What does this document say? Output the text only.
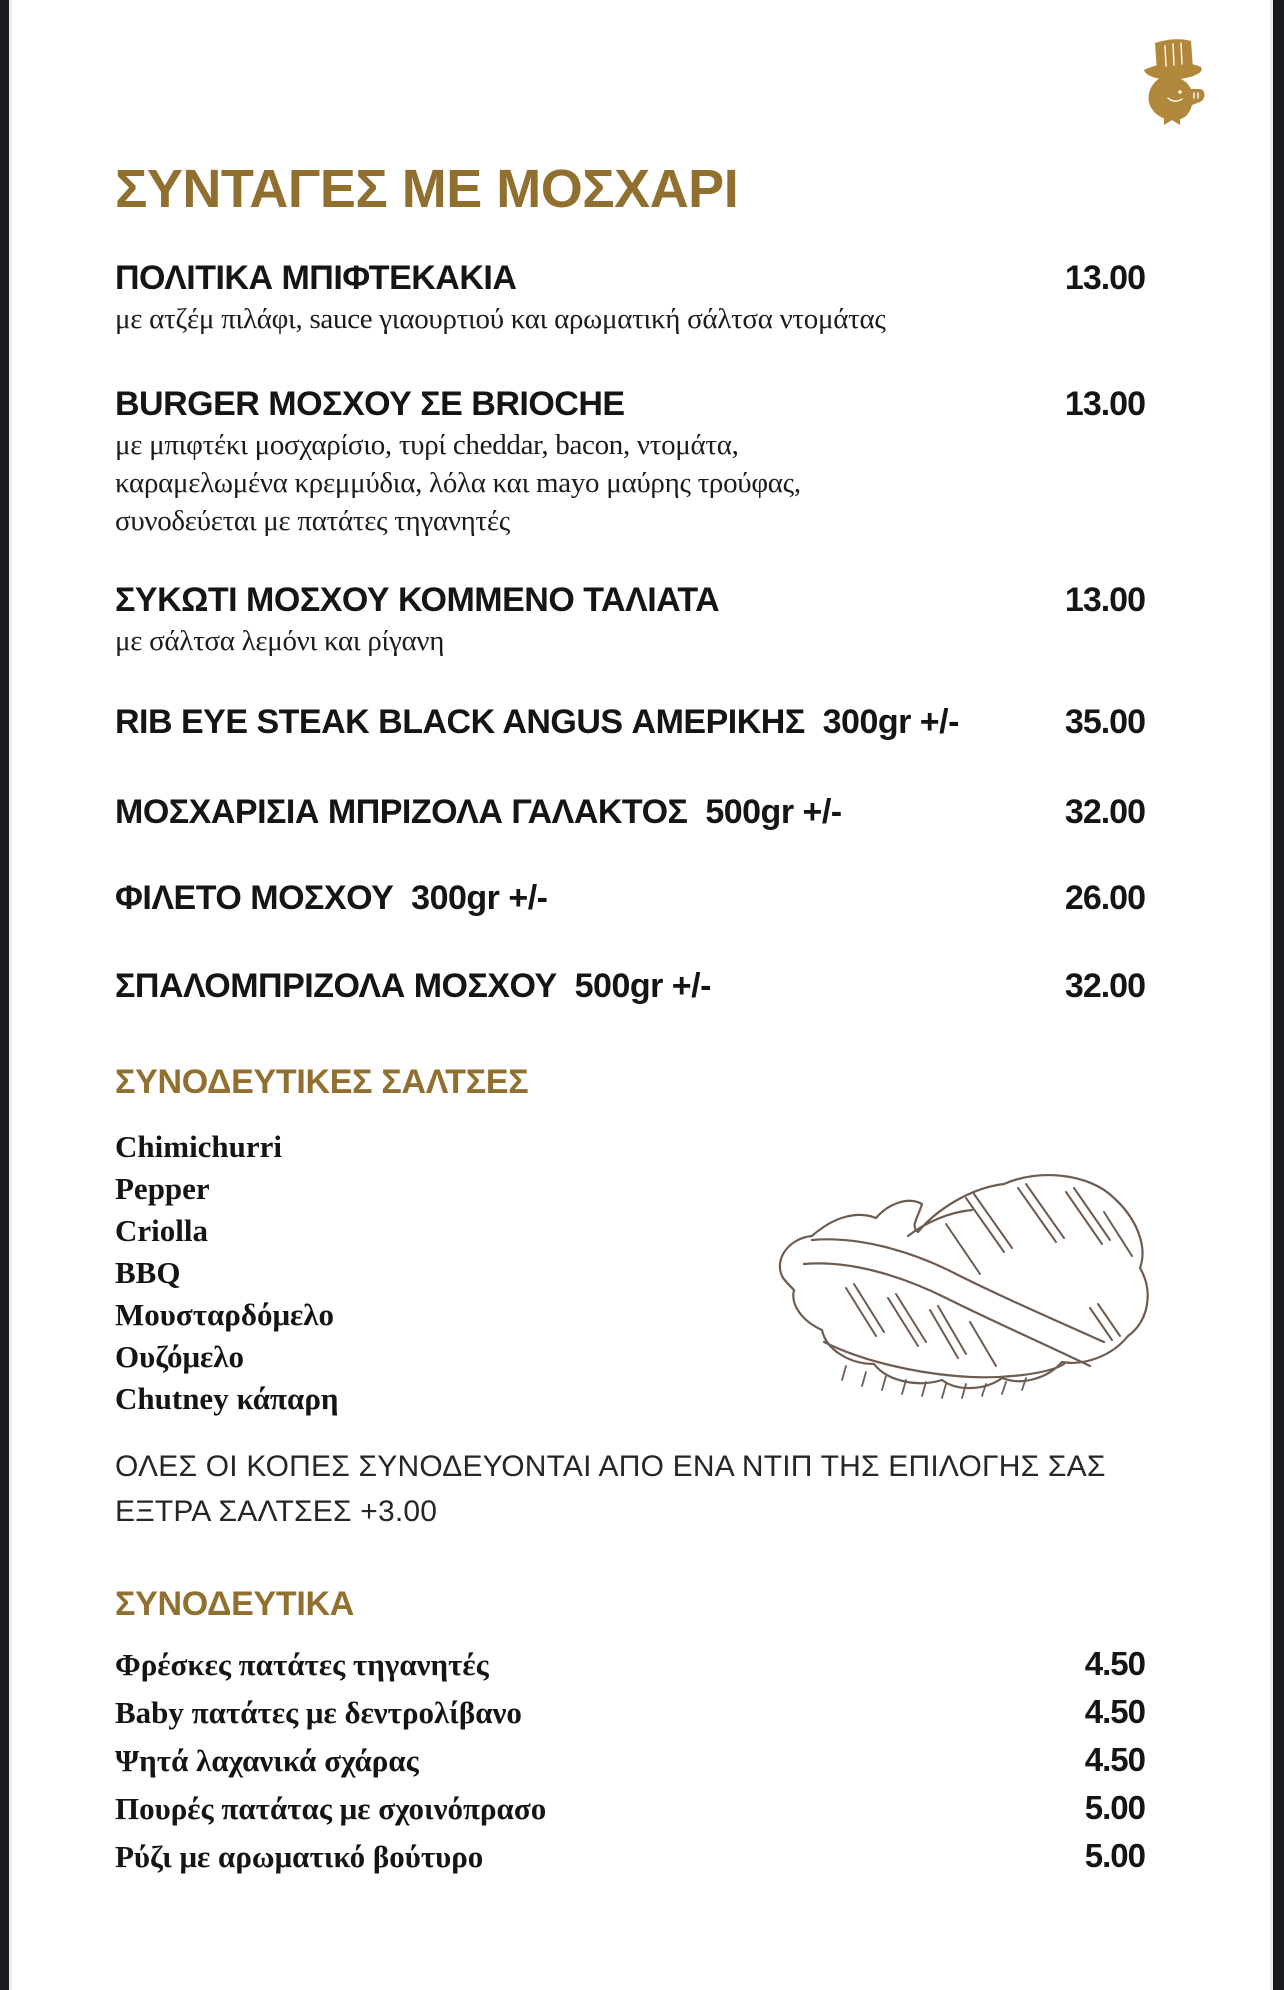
ΣΥΝΤΑΓΕΣ ΜΕ ΜΟΣΧΑΡΙ
ΠΟΛΙΤΙΚΑ ΜΠΙΦΤΕΚΑΚΙΑ	13.00
με ατζέμ πιλάφι, sauce γιαουρτιού και αρωματική σάλτσα ντομάτας
BURGER ΜΟΣΧΟΥ ΣΕ BRIOCHE	13.00
με μπιφτέκι μοσχαρίσιο, τυρί cheddar, bacon, ντομάτα,
καραμελωμένα κρεμμύδια, λόλα και mayo μαύρης τρούφας,
συνοδεύεται με πατάτες τηγανητές
ΣΥΚΩΤΙ ΜΟΣΧΟΥ ΚΟΜΜΕΝΟ ΤΑΛΙΑΤΑ	13.00
με σάλτσα λεμόνι και ρίγανη
RIB EYE STEAK BLACK ANGUS ΑΜΕΡΙΚΗΣ  300gr +/-	35.00
ΜΟΣΧΑΡΙΣΙΑ ΜΠΡΙΖΟΛΑ ΓΑΛΑΚΤΟΣ  500gr +/-	32.00
ΦΙΛΕΤΟ ΜΟΣΧΟΥ  300gr +/-	26.00
ΣΠΑΛΟΜΠΡΙΖΟΛΑ ΜΟΣΧΟΥ  500gr +/-	32.00
ΣΥΝΟΔΕΥΤΙΚΕΣ ΣΑΛΤΣΕΣ
Chimichurri
Pepper
Criolla
BBQ
Μουσταρδόμελο
Ουζόμελο
Chutney κάπαρη
ΟΛΕΣ ΟΙ ΚΟΠΕΣ ΣΥΝΟΔΕΥΟΝΤΑΙ ΑΠΟ ΕΝΑ ΝΤΙΠ ΤΗΣ ΕΠΙΛΟΓΗΣ ΣΑΣ
ΕΞΤΡΑ ΣΑΛΤΣΕΣ +3.00
ΣΥΝΟΔΕΥΤΙΚΑ
Φρέσκες πατάτες τηγανητές	4.50
Baby πατάτες με δεντρολίβανο	4.50
Ψητά λαχανικά σχάρας	4.50
Πουρές πατάτας με σχοινόπρασο	5.00
Ρύζι με αρωματικό βούτυρο	5.00
